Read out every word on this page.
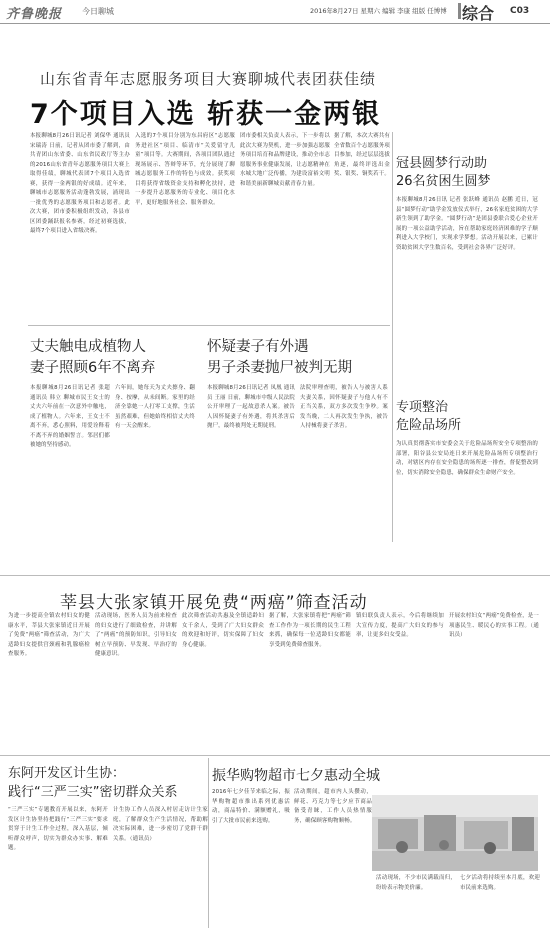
齐鲁晚报 今日聊城	2016年8月27日 星期六 编辑 李康 组版 任博博 综合 C03
山东省青年志愿服务项目大赛聊城代表团获佳绩
7个项目入选 斩获一金两银
本报聊城8月26日讯记者 刘保华 通讯员 宋瑞涛 日前，记者从团市委了解到，由共青团山东省委、山东省民政厅等主办的2016山东省青年志愿服务项目大赛上取得佳绩，聊城代表团7个项目入选省赛，获得一金两银的好成绩。近年来，聊城市志愿服务活动蓬勃发展，涌现出一批优秀的志愿服务项目和志愿者。此次大赛，团市委积极组织发动，各县市区团委踊跃报名参赛，经过初赛选拔，最终7个项目进入省级决赛。
入选的7个项目分别为东昌府区“志愿服务进社区”项目、临清市“关爱留守儿童”项目等。大赛期间，各项目团队通过现场展示、答辩等环节，充分展现了聊城志愿服务工作的特色与成效。获奖项目将获得省级资金支持和孵化扶持，进一步提升志愿服务的专业化、项目化水平，更好地服务社会、服务群众。
团市委相关负责人表示，下一步将以此次大赛为契机，进一步加强志愿服务项目培育和品牌建设，推动全市志愿服务事业健康发展，让志愿精神在水城大地广泛传播，为建设富裕文明和谐美丽新聊城贡献青春力量。
据了解，本次大赛共有全省数百个志愿服务项目参加，经过层层选拔角逐，最终评选出金奖、银奖、铜奖若干。
冠县圆梦行动助
26名贫困生圆梦
本报聊城8月26日讯 记者 张跃峰 通讯员 赵鹏 近日，冠县“圆梦行动”助学金发放仪式举行，26名家庭贫困的大学新生领到了助学金。“圆梦行动”是团县委联合爱心企业开展的一项公益助学活动，旨在帮助家庭经济困难的学子顺利进入大学校门，实现求学梦想。活动开展以来，已累计资助贫困大学生数百名，受到社会各界广泛好评。
专项整治
危险品场所
为认真贯彻落实市安委会关于危险品场所安全专项整治的部署，阳谷县公安局连日来开展危险品场所专项整治行动，对辖区内存在安全隐患的场所逐一排查，督促整改到位，切实消除安全隐患，确保群众生命财产安全。
丈夫触电成植物人
妻子照顾6年不离弃
本报聊城8月26日讯记者 张超 通讯员 韩立 聊城市民王女士的丈夫六年前在一次意外中触电，成了植物人。六年来，王女士不离不弃，悉心照料，用爱诠释着不离不弃的婚姻誓言。邻居们都被她的坚持感动。
六年间，她每天为丈夫擦身、翻身、按摩，从未间断。家里的经济全靠她一人打零工支撑，生活虽然艰难，但她始终相信丈夫终有一天会醒来。
怀疑妻子有外遇
男子杀妻抛尸被判无期
本报聊城8月26日讯记者 凤凰 通讯员 王丽 日前，聊城市中级人民法院公开审理了一起故意杀人案。被告人因怀疑妻子有外遇，将其杀害后抛尸，最终被判处无期徒刑。
法院审理查明，被告人与被害人系夫妻关系，因怀疑妻子与他人有不正当关系，双方多次发生争吵。案发当晚，二人再次发生争执，被告人持械将妻子杀害。
莘县大张家镇开展免费“两癌”筛查活动
为进一步提高全镇农村妇女的健康水平，莘县大张家镇近日开展了免费“两癌”筛查活动，为广大适龄妇女提供宫颈癌和乳腺癌检查服务。
活动现场，医务人员为前来检查的妇女进行了细致检查，并讲解了“两癌”的预防知识，引导妇女树立早预防、早发现、早治疗的健康意识。
此次筛查活动共惠及全镇适龄妇女千余人，受到了广大妇女群众的欢迎和好评，切实保障了妇女身心健康。
据了解，大张家镇将把“两癌”筛查工作作为一项长期的民生工程来抓，确保每一位适龄妇女都能享受到免费筛查服务。
镇妇联负责人表示，今后将继续加大宣传力度，提高广大妇女的参与率，让更多妇女受益。
开展农村妇女“两癌”免费检查，是一项惠民生、暖民心的实事工程。（通讯员）
东阿开发区计生协：
践行“三严三实”密切群众关系
“三严三实”专题教育开展以来，东阿开发区计生协坚持把践行“三严三实”要求贯穿于计生工作全过程，深入基层，倾听群众呼声，切实为群众办实事、解难题。
计生协工作人员深入村居走访计生家庭，了解群众生产生活情况，帮助解决实际困难，进一步密切了党群干群关系。（通讯员）
振华购物超市七夕惠动全城
2016年七夕佳节来临之际，振华购物超市推出系列优惠活动，商品特价、满额赠礼，吸引了大批市民前来选购。
活动期间，超市内人头攒动，鲜花、巧克力等七夕应节商品备受青睐，工作人员热情服务，确保顾客购物顺畅。
活动现场，不少市民满载而归，纷纷表示物美价廉。
七夕活动将持续至本月底，欢迎市民前来选购。
